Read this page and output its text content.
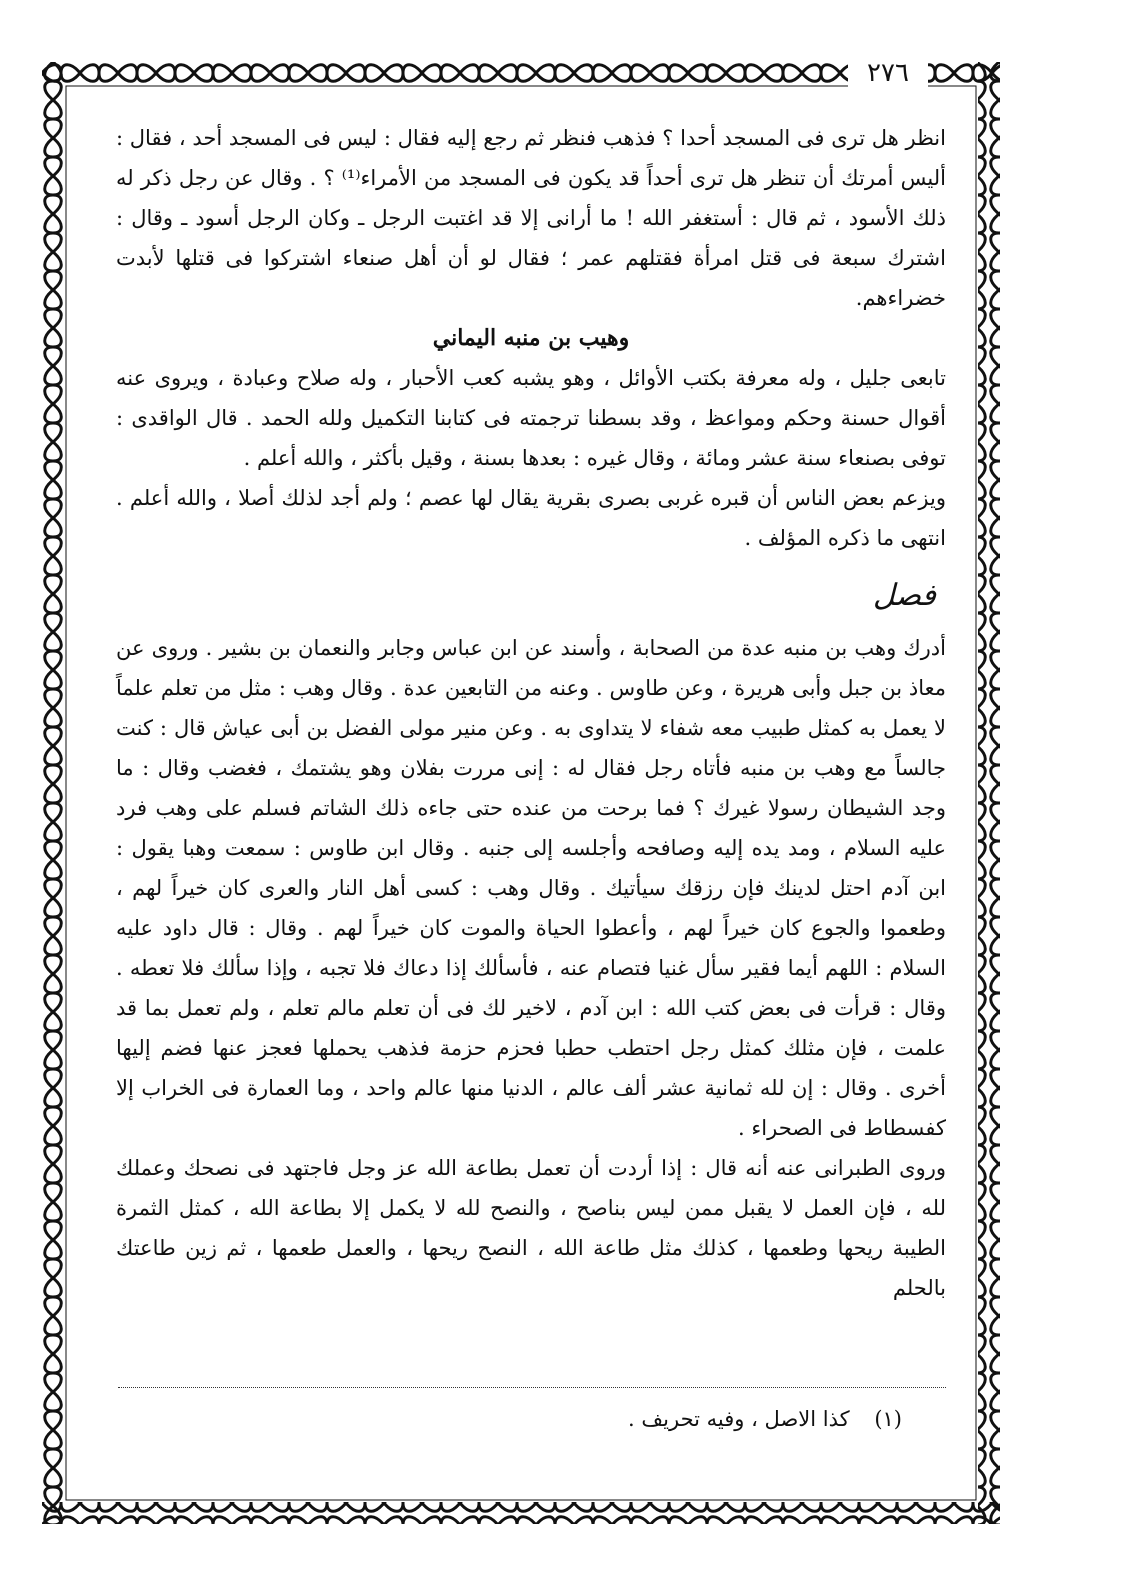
٢٧٦

انظر هل ترى فى المسجد أحدا ؟ فذهب فنظر ثم رجع إليه فقال : ليس فى المسجد أحد ، فقال : أليس أمرتك أن تنظر هل ترى أحداً قد يكون فى المسجد من الأمراء⁽¹⁾ ؟ . وقال عن رجل ذكر له ذلك الأسود ، ثم قال : أستغفر الله ! ما أرانى إلا قد اغتبت الرجل ـ وكان الرجل أسود ـ وقال : اشترك سبعة فى قتل امرأة فقتلهم عمر ؛ فقال لو أن أهل صنعاء اشتركوا فى قتلها لأبدت خضراءهم.

وهيب بن منبه اليماني

تابعى جليل ، وله معرفة بكتب الأوائل ، وهو يشبه كعب الأحبار ، وله صلاح وعبادة ، ويروى عنه أقوال حسنة وحكم ومواعظ ، وقد بسطنا ترجمته فى كتابنا التكميل ولله الحمد . قال الواقدى : توفى بصنعاء سنة عشر ومائة ، وقال غيره : بعدها بسنة ، وقيل بأكثر ، والله أعلم .

ويزعم بعض الناس أن قبره غربى بصرى بقرية يقال لها عصم ؛ ولم أجد لذلك أصلا ، والله أعلم . انتهى ما ذكره المؤلف .

فصل

أدرك وهب بن منبه عدة من الصحابة ، وأسند عن ابن عباس وجابر والنعمان بن بشير . وروى عن معاذ بن جبل وأبى هريرة ، وعن طاوس . وعنه من التابعين عدة . وقال وهب : مثل من تعلم علماً لا يعمل به كمثل طبيب معه شفاء لا يتداوى به . وعن منير مولى الفضل بن أبى عياش قال : كنت جالساً مع وهب بن منبه فأتاه رجل فقال له : إنى مررت بفلان وهو يشتمك ، فغضب وقال : ما وجد الشيطان رسولا غيرك ؟ فما برحت من عنده حتى جاءه ذلك الشاتم فسلم على وهب فرد عليه السلام ، ومد يده إليه وصافحه وأجلسه إلى جنبه . وقال ابن طاوس : سمعت وهبا يقول : ابن آدم احتل لدينك فإن رزقك سيأتيك . وقال وهب : كسى أهل النار والعرى كان خيراً لهم ، وطعموا والجوع كان خيراً لهم ، وأعطوا الحياة والموت كان خيراً لهم . وقال : قال داود عليه السلام : اللهم أيما فقير سأل غنيا فتصام عنه ، فأسألك إذا دعاك فلا تجبه ، وإذا سألك فلا تعطه . وقال : قرأت فى بعض كتب الله : ابن آدم ، لاخير لك فى أن تعلم مالم تعلم ، ولم تعمل بما قد علمت ، فإن مثلك كمثل رجل احتطب حطبا فحزم حزمة فذهب يحملها فعجز عنها فضم إليها أخرى . وقال : إن لله ثمانية عشر ألف عالم ، الدنيا منها عالم واحد ، وما العمارة فى الخراب إلا كفسطاط فى الصحراء .

وروى الطبرانى عنه أنه قال : إذا أردت أن تعمل بطاعة الله عز وجل فاجتهد فى نصحك وعملك لله ، فإن العمل لا يقبل ممن ليس بناصح ، والنصح لله لا يكمل إلا بطاعة الله ، كمثل الثمرة الطيبة ريحها وطعمها ، كذلك مثل طاعة الله ، النصح ريحها ، والعمل طعمها ، ثم زين طاعتك بالحلم

(١) كذا الاصل ، وفيه تحريف .
